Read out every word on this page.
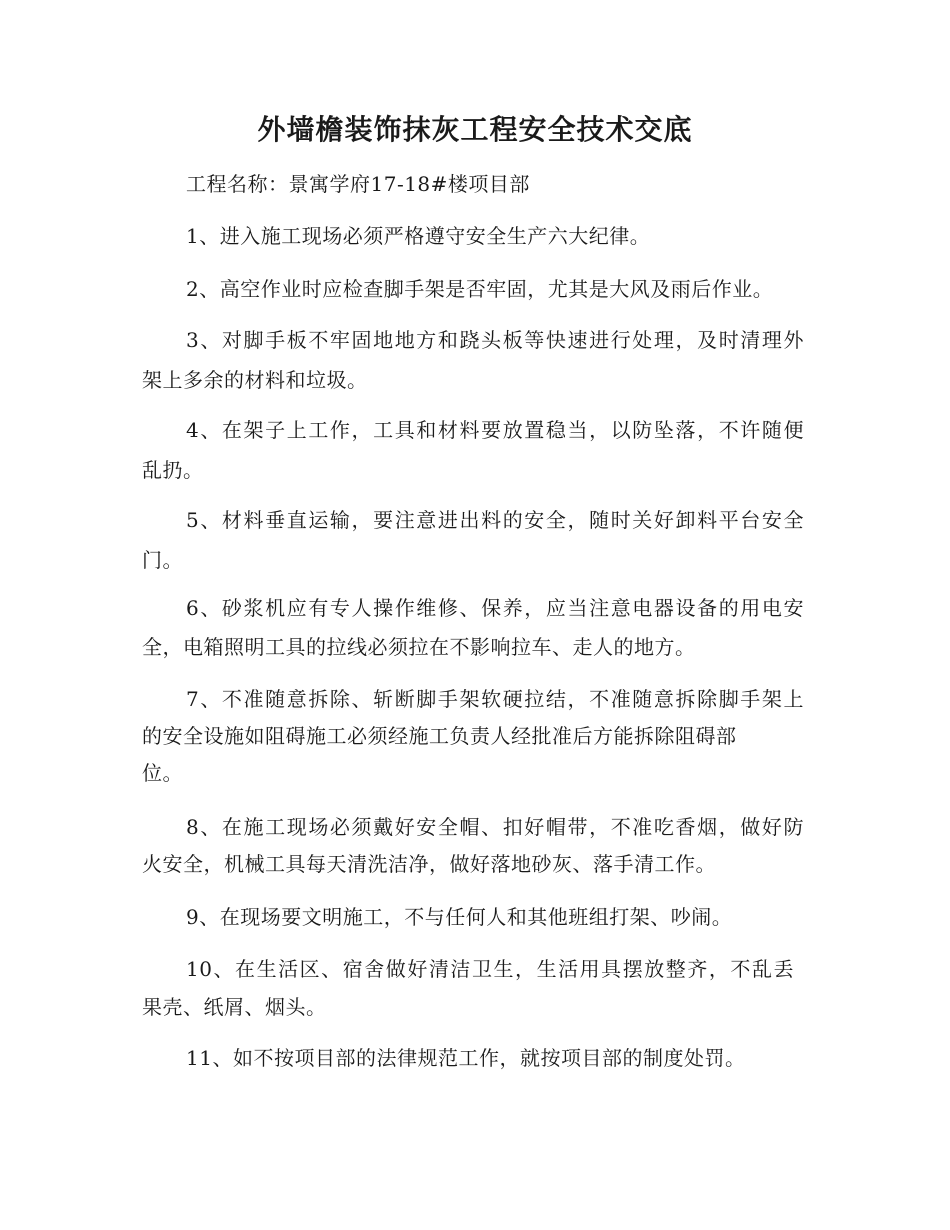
外墙檐装饰抹灰工程安全技术交底

工程名称：景寓学府17-18#楼项目部

1、进入施工现场必须严格遵守安全生产六大纪律。

2、高空作业时应检查脚手架是否牢固，尤其是大风及雨后作业。

3、对脚手板不牢固地地方和跷头板等快速进行处理，及时清理外

架上多余的材料和垃圾。

4、在架子上工作，工具和材料要放置稳当，以防坠落，不许随便

乱扔。

5、材料垂直运输，要注意进出料的安全，随时关好卸料平台安全

门。

6、砂浆机应有专人操作维修、保养，应当注意电器设备的用电安

全，电箱照明工具的拉线必须拉在不影响拉车、走人的地方。

7、不准随意拆除、斩断脚手架软硬拉结，不准随意拆除脚手架上

的安全设施如阻碍施工必须经施工负责人经批准后方能拆除阻碍部

位。

8、在施工现场必须戴好安全帽、扣好帽带，不准吃香烟，做好防

火安全，机械工具每天清洗洁净，做好落地砂灰、落手清工作。

9、在现场要文明施工，不与任何人和其他班组打架、吵闹。

10、在生活区、宿舍做好清洁卫生，生活用具摆放整齐，不乱丢

果壳、纸屑、烟头。

11、如不按项目部的法律规范工作，就按项目部的制度处罚。
